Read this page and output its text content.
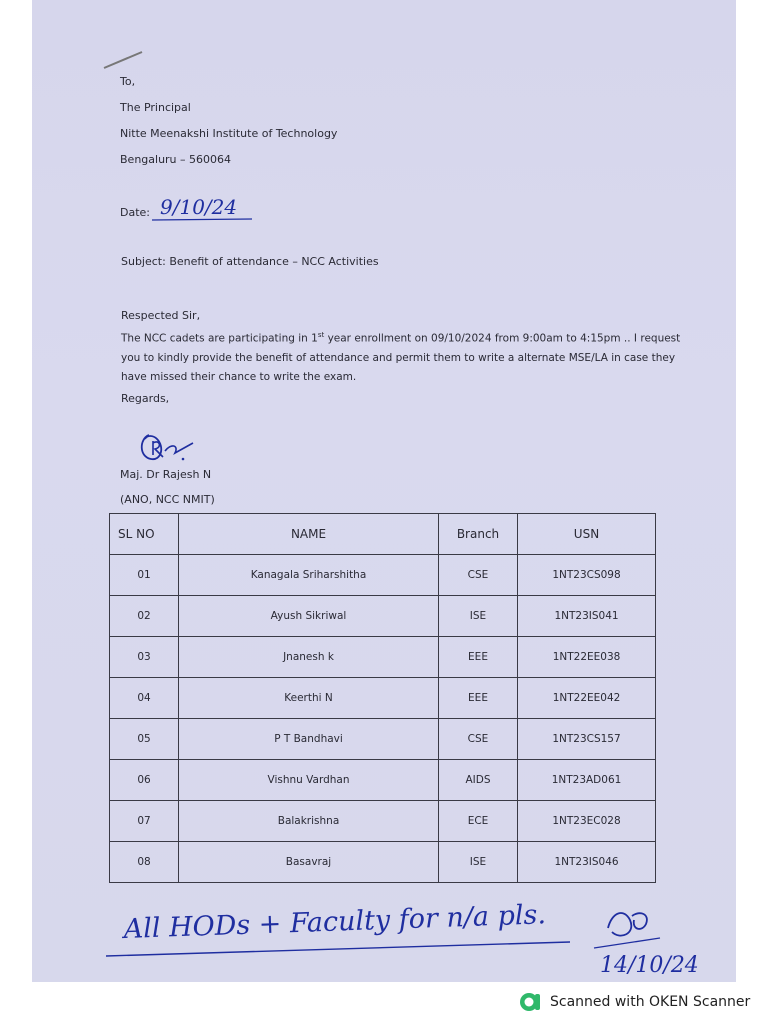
To,
The Principal
Nitte Meenakshi Institute of Technology
Bengaluru – 560064
Date: 9/10/24
Subject: Benefit of attendance – NCC Activities
Respected Sir,
The NCC cadets are participating in 1st year enrollment on 09/10/2024 from 9:00am to 4:15pm .. I request
you to kindly provide the benefit of attendance and permit them to write a alternate MSE/LA in case they
have missed their chance to write the exam.
Regards,
Maj. Dr Rajesh N
(ANO, NCC NMIT)
SL NO	NAME	Branch	USN
01	Kanagala Sriharshitha	CSE	1NT23CS098
02	Ayush Sikriwal	ISE	1NT23IS041
03	Jnanesh k	EEE	1NT22EE038
04	Keerthi N	EEE	1NT22EE042
05	P T Bandhavi	CSE	1NT23CS157
06	Vishnu Vardhan	AIDS	1NT23AD061
07	Balakrishna	ECE	1NT23EC028
08	Basavraj	ISE	1NT23IS046
All HODs + Faculty for n/a pls.
14/10/24
Scanned with OKEN Scanner
